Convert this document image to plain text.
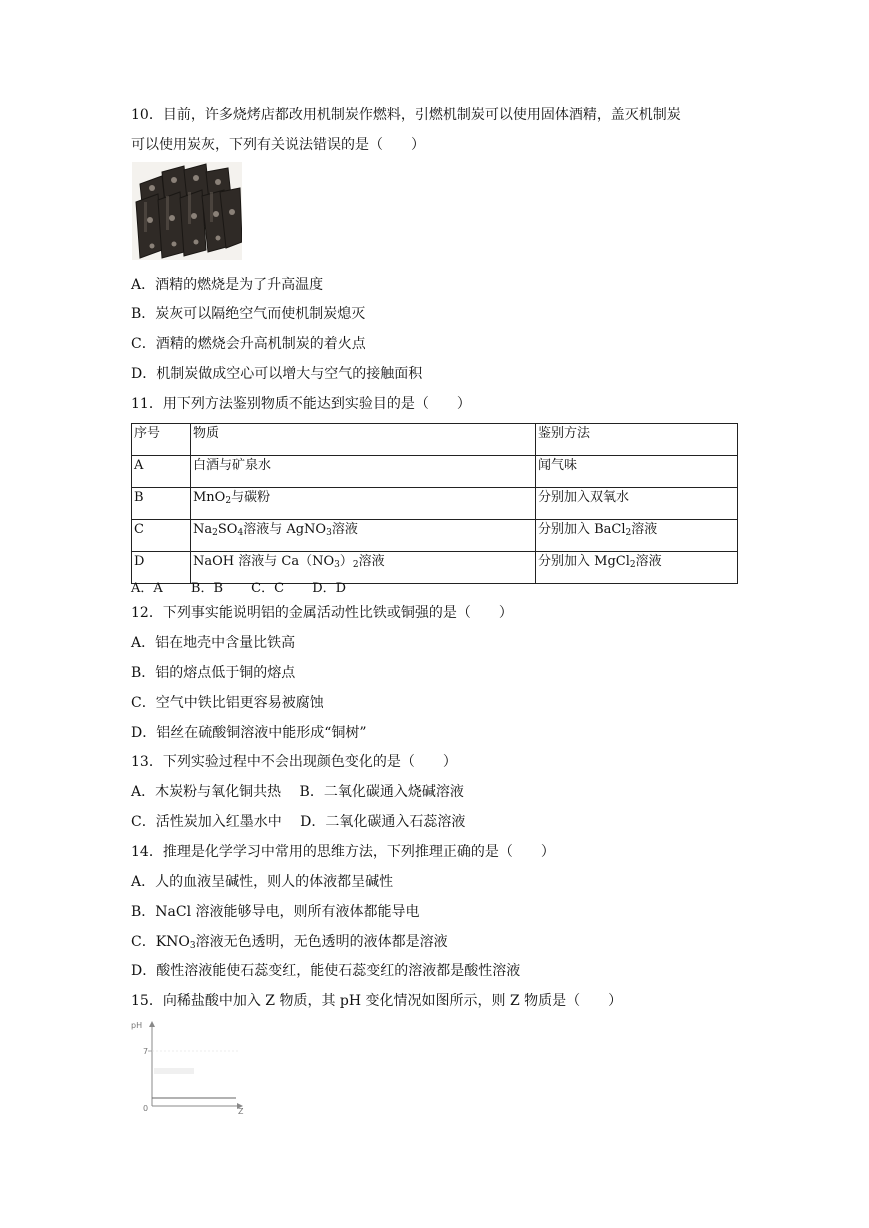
10．目前，许多烧烤店都改用机制炭作燃料，引燃机制炭可以使用固体酒精，盖灭机制炭
可以使用炭灰，下列有关说法错误的是（　　）
A．酒精的燃烧是为了升高温度
B．炭灰可以隔绝空气而使机制炭熄灭
C．酒精的燃烧会升高机制炭的着火点
D．机制炭做成空心可以增大与空气的接触面积
11．用下列方法鉴别物质不能达到实验目的是（　　）
序号	物质	鉴别方法
A	白酒与矿泉水	闻气味
B	MnO$_2$与碳粉	分别加入双氧水
C	$Na_2SO_4$溶液与 AgNO$_3$溶液	分别加入 BaCl$_2$溶液
D	NaOH 溶液与 $Ca(NO_3)_2$溶液	分别加入 MgCl$_2$溶液
A．A B．B C．C D．D
12．下列事实能说明铝的金属活动性比铁或铜强的是（　　）
A．铝在地壳中含量比铁高
B．铝的熔点低于铜的熔点
C．空气中铁比铝更容易被腐蚀
D．铝丝在硫酸铜溶液中能形成“铜树”
13．下列实验过程中不会出现颜色变化的是（　　）
A．木炭粉与氧化铜共热　 B．二氧化碳通入烧碱溶液
C．活性炭加入红墨水中　 D．二氧化碳通入石蕊溶液
14．推理是化学学习中常用的思维方法，下列推理正确的是（　　）
A．人的血液呈碱性，则人的体液都呈碱性
B．NaCl 溶液能够导电，则所有液体都能导电
C．$KNO_3$溶液无色透明，无色透明的液体都是溶液
D．酸性溶液能使石蕊变红，能使石蕊变红的溶液都是酸性溶液
15．向稀盐酸中加入 Z 物质，其 pH 变化情况如图所示，则 Z 物质是（　　）
pH
7
0	Z
